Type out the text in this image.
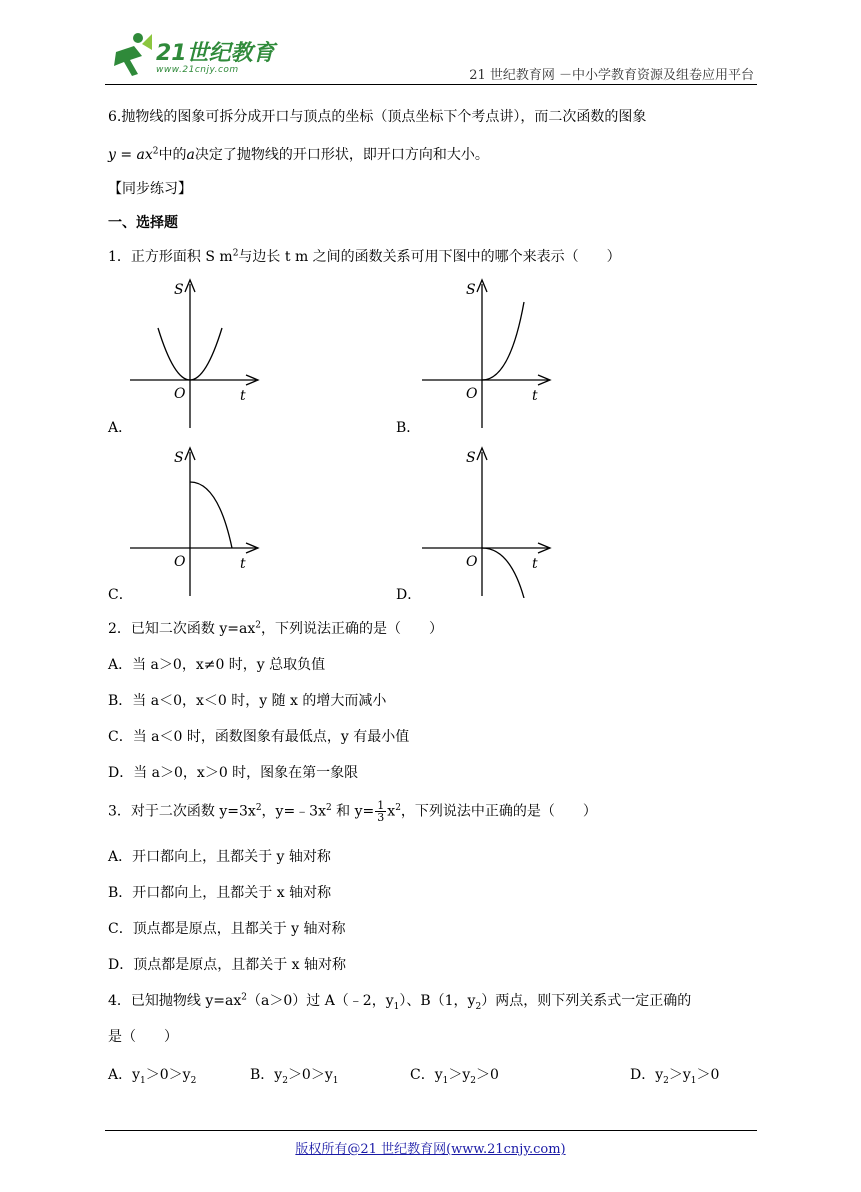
21世纪教育
www.21cnjy.com	21 世纪教育网 －中小学教育资源及组卷应用平台
6.抛物线的图象可拆分成开口与顶点的坐标（顶点坐标下个考点讲），而二次函数的图象
$y = ax^2$中的a决定了抛物线的开口形状，即开口方向和大小。
【同步练习】
一、选择题
1．正方形面积 S $m^2$与边长 t m 之间的函数关系可用下图中的哪个来表示（　　）
A．	B．
C．	D．
S
t
O
S
t
O
S
t
O
S
t
O
2．已知二次函数 $y=ax^2$，下列说法正确的是（　　）
A．当 a＞0，x≠0 时，y 总取负值
B．当 a＜0，x＜0 时，y 随 x 的增大而减小
C．当 a＜0 时，函数图象有最低点，y 有最小值
D．当 a＞0，x＞0 时，图象在第一象限
3．对于二次函数 $y=3x^2$，$y=﹣3x^2$ 和 $y= \frac{1}{3} x^2$，下列说法中正确的是（　　）
A．开口都向上，且都关于 y 轴对称
B．开口都向上，且都关于 x 轴对称
C．顶点都是原点，且都关于 y 轴对称
D．顶点都是原点，且都关于 x 轴对称
4．已知抛物线 $y=ax^2(a>0)$过 A（﹣2，$y_1$）、B（1，$y_2$）两点，则下列关系式一定正确的
是（　　）
A．$y_1>0>y_2$	B．$y_2>0>y_1$	C．$y_1>y_2>0$	D．$y_2>y_1>0$
版权所有@21 世纪教育网(www.21cnjy.com)
